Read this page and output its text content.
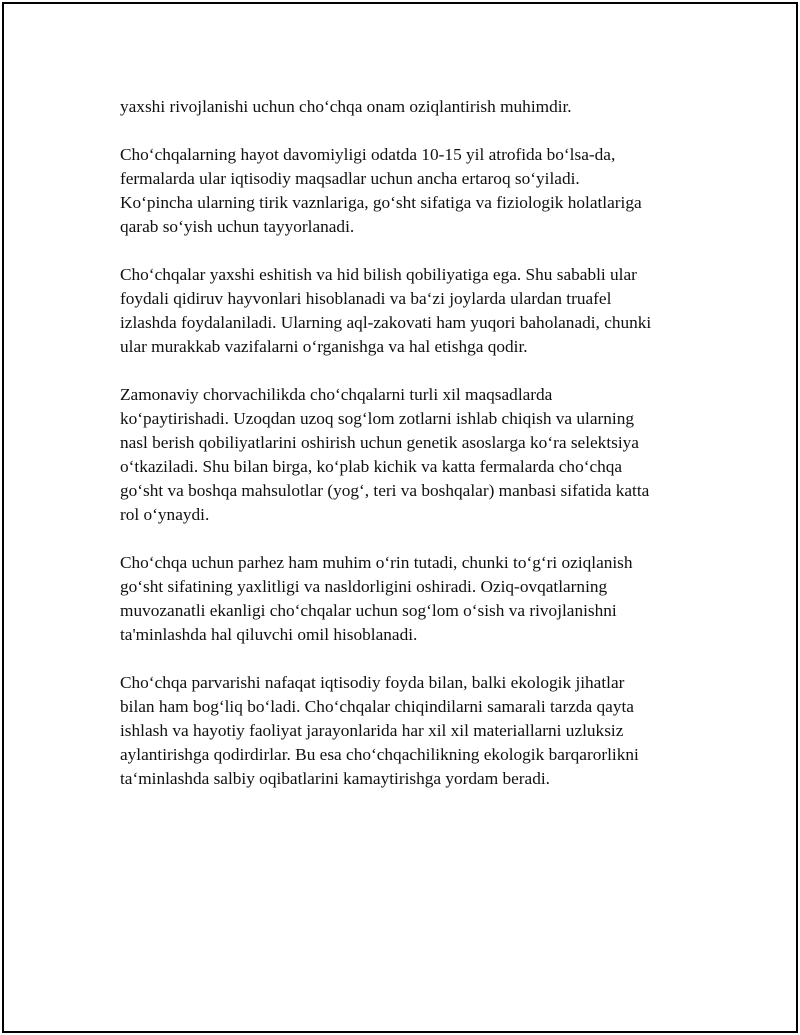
yaxshi rivojlanishi uchun cho‘chqa onam oziqlantirish muhimdir.

Cho‘chqalarning hayot davomiyligi odatda 10-15 yil atrofida bo‘lsa-da,
fermalarda ular iqtisodiy maqsadlar uchun ancha ertaroq so‘yiladi.
Ko‘pincha ularning tirik vaznlariga, go‘sht sifatiga va fiziologik holatlariga
qarab so‘yish uchun tayyorlanadi.

Cho‘chqalar yaxshi eshitish va hid bilish qobiliyatiga ega. Shu sababli ular
foydali qidiruv hayvonlari hisoblanadi va ba‘zi joylarda ulardan truafel
izlashda foydalaniladi. Ularning aql-zakovati ham yuqori baholanadi, chunki
ular murakkab vazifalarni o‘rganishga va hal etishga qodir.

Zamonaviy chorvachilikda cho‘chqalarni turli xil maqsadlarda
ko‘paytirishadi. Uzoqdan uzoq sog‘lom zotlarni ishlab chiqish va ularning
nasl berish qobiliyatlarini oshirish uchun genetik asoslarga ko‘ra selektsiya
o‘tkaziladi. Shu bilan birga, ko‘plab kichik va katta fermalarda cho‘chqa
go‘sht va boshqa mahsulotlar (yog‘, teri va boshqalar) manbasi sifatida katta
rol o‘ynaydi.

Cho‘chqa uchun parhez ham muhim o‘rin tutadi, chunki to‘g‘ri oziqlanish
go‘sht sifatining yaxlitligi va nasldorligini oshiradi. Oziq-ovqatlarning
muvozanatli ekanligi cho‘chqalar uchun sog‘lom o‘sish va rivojlanishni
ta'minlashda hal qiluvchi omil hisoblanadi.

Cho‘chqa parvarishi nafaqat iqtisodiy foyda bilan, balki ekologik jihatlar
bilan ham bog‘liq bo‘ladi. Cho‘chqalar chiqindilarni samarali tarzda qayta
ishlash va hayotiy faoliyat jarayonlarida har xil xil materiallarni uzluksiz
aylantirishga qodirdirlar. Bu esa cho‘chqachilikning ekologik barqarorlikni
ta‘minlashda salbiy oqibatlarini kamaytirishga yordam beradi.
